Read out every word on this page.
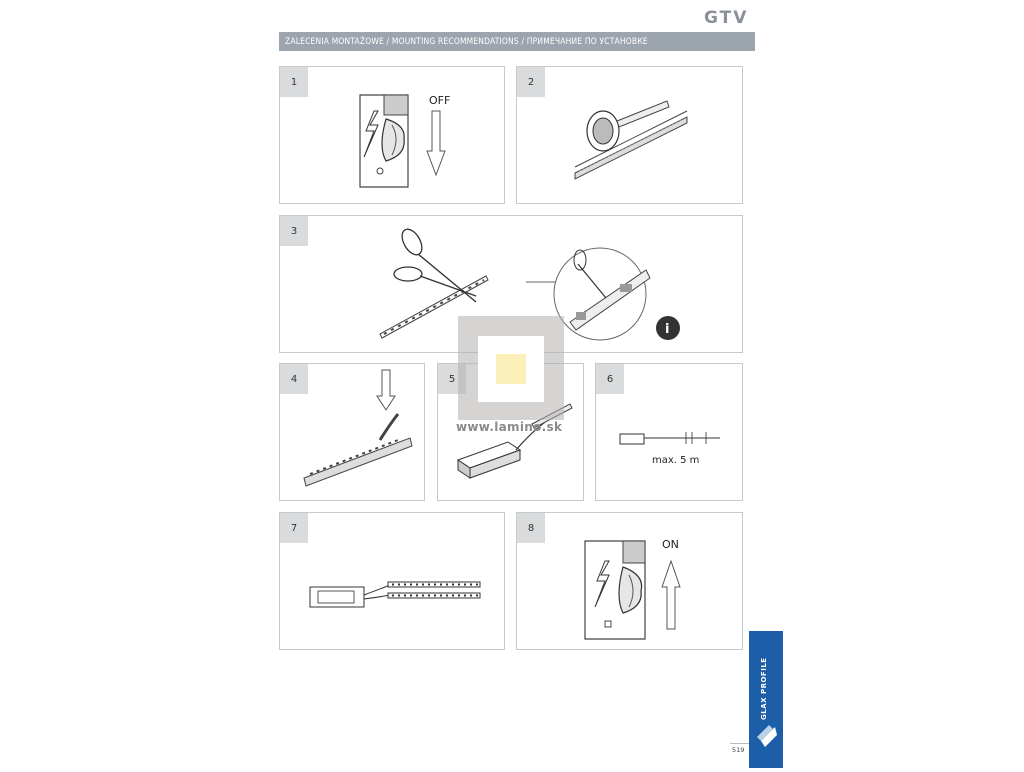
GTV
ZALECENIA MONTAŻOWE / MOUNTING RECOMMENDATIONS / ПРИМЕЧАНИЕ ПО УСТАНОВКЕ
1
OFF
2
3
i
4	5	6
max. 5 m
7	8
ON
www.lamino.sk
GLAX PROFILE
519
